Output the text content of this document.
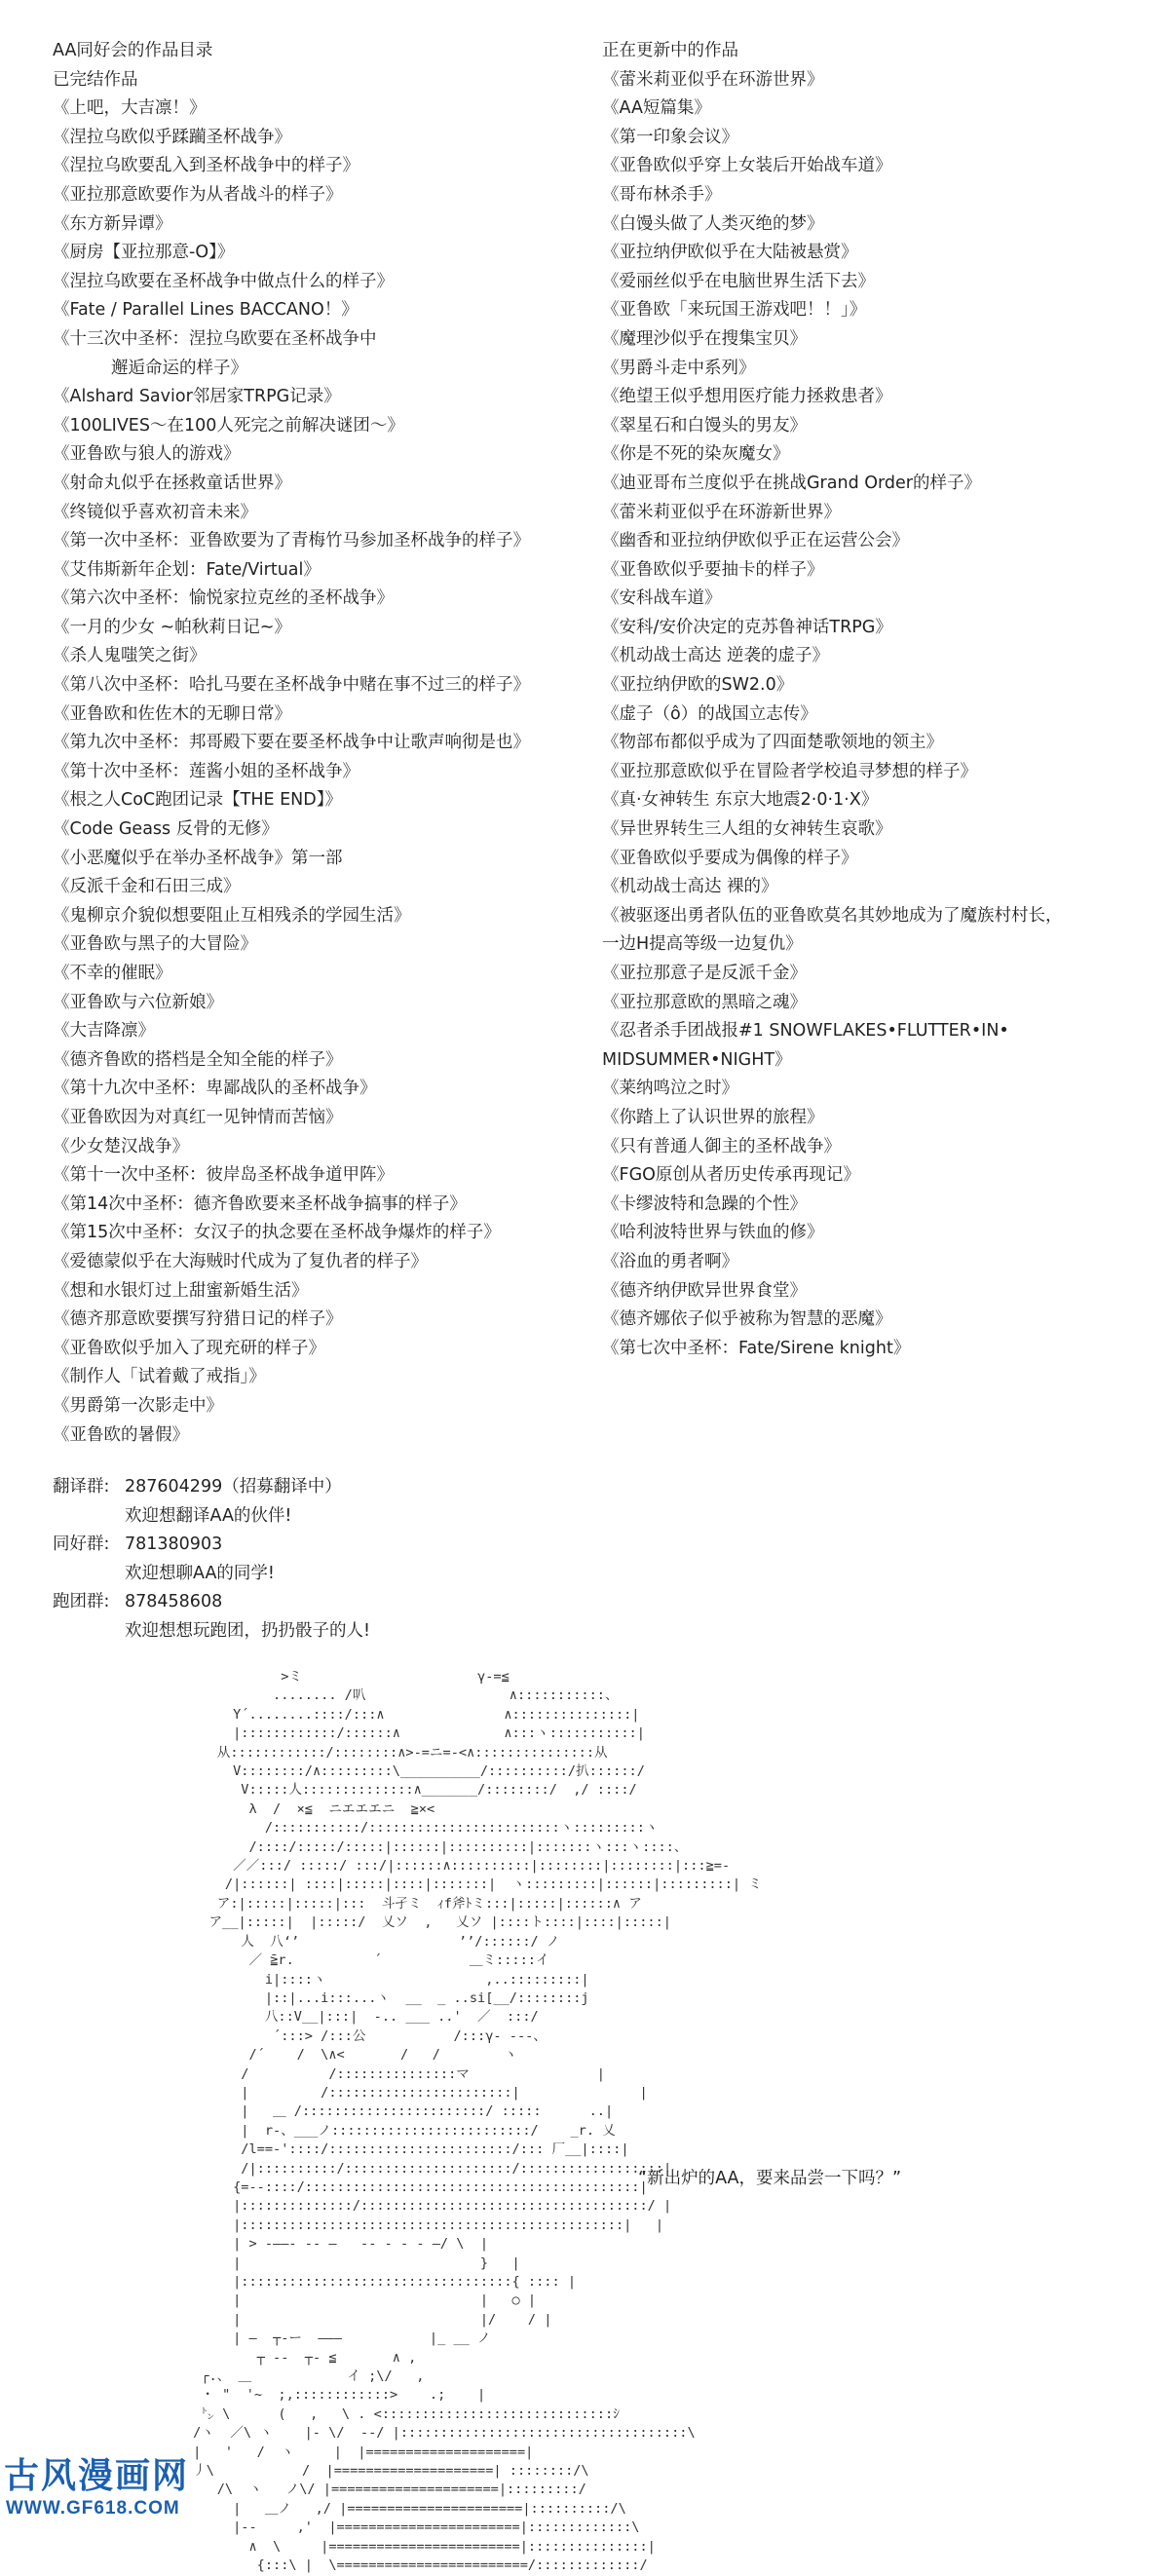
AA同好会的作品目录
已完结作品
《上吧，大吉凛！》
《涅拉乌欧似乎蹂躏圣杯战争》
《涅拉乌欧要乱入到圣杯战争中的样子》
《亚拉那意欧要作为从者战斗的样子》
《东方新异谭》
《厨房【亚拉那意-O】》
《涅拉乌欧要在圣杯战争中做点什么的样子》
《Fate / Parallel Lines BACCANO！》
《十三次中圣杯：涅拉乌欧要在圣杯战争中
邂逅命运的样子》
《Alshard Savior邻居家TRPG记录》
《100LIVES～在100人死完之前解决谜团～》
《亚鲁欧与狼人的游戏》
《射命丸似乎在拯救童话世界》
《终镜似乎喜欢初音未来》
《第一次中圣杯：亚鲁欧要为了青梅竹马参加圣杯战争的样子》
《艾伟斯新年企划：Fate/Virtual》
《第六次中圣杯：愉悦家拉克丝的圣杯战争》
《一月的少女 ~帕秋莉日记~》
《杀人鬼嗤笑之街》
《第八次中圣杯：哈扎马要在圣杯战争中赌在事不过三的样子》
《亚鲁欧和佐佐木的无聊日常》
《第九次中圣杯：邦哥殿下要在要圣杯战争中让歌声响彻是也》
《第十次中圣杯：莲酱小姐的圣杯战争》
《根之人CoC跑团记录【THE END】》
《Code Geass 反骨的无修》
《小恶魔似乎在举办圣杯战争》第一部
《反派千金和石田三成》
《鬼柳京介貌似想要阻止互相残杀的学园生活》
《亚鲁欧与黑子的大冒险》
《不幸的催眠》
《亚鲁欧与六位新娘》
《大吉降凛》
《德齐鲁欧的搭档是全知全能的样子》
《第十九次中圣杯：卑鄙战队的圣杯战争》
《亚鲁欧因为对真红一见钟情而苦恼》
《少女楚汉战争》
《第十一次中圣杯：彼岸岛圣杯战争道甲阵》
《第14次中圣杯：德齐鲁欧要来圣杯战争搞事的样子》
《第15次中圣杯：女汉子的执念要在圣杯战争爆炸的样子》
《爱德蒙似乎在大海贼时代成为了复仇者的样子》
《想和水银灯过上甜蜜新婚生活》
《德齐那意欧要撰写狩猎日记的样子》
《亚鲁欧似乎加入了现充研的样子》
《制作人「试着戴了戒指」》
《男爵第一次影走中》
《亚鲁欧的暑假》
正在更新中的作品
《蕾米莉亚似乎在环游世界》
《AA短篇集》
《第一印象会议》
《亚鲁欧似乎穿上女装后开始战车道》
《哥布林杀手》
《白馒头做了人类灭绝的梦》
《亚拉纳伊欧似乎在大陆被悬赏》
《爱丽丝似乎在电脑世界生活下去》
《亚鲁欧「来玩国王游戏吧！！」》
《魔理沙似乎在搜集宝贝》
《男爵斗走中系列》
《绝望王似乎想用医疗能力拯救患者》
《翠星石和白馒头的男友》
《你是不死的染灰魔女》
《迪亚哥布兰度似乎在挑战Grand Order的样子》
《蕾米莉亚似乎在环游新世界》
《幽香和亚拉纳伊欧似乎正在运营公会》
《亚鲁欧似乎要抽卡的样子》
《安科战车道》
《安科/安价决定的克苏鲁神话TRPG》
《机动战士高达 逆袭的虚子》
《亚拉纳伊欧的SW2.0》
《虚子（ô）的战国立志传》
《物部布都似乎成为了四面楚歌领地的领主》
《亚拉那意欧似乎在冒险者学校追寻梦想的样子》
《真·女神转生 东京大地震2·0·1·X》
《异世界转生三人组的女神转生哀歌》
《亚鲁欧似乎要成为偶像的样子》
《机动战士高达 裸的》
《被驱逐出勇者队伍的亚鲁欧莫名其妙地成为了魔族村村长，
一边H提高等级一边复仇》
《亚拉那意子是反派千金》
《亚拉那意欧的黑暗之魂》
《忍者杀手团战报#1 SNOWFLAKES•FLUTTER•IN•
MIDSUMMER•NIGHT》
《莱纳鸣泣之时》
《你踏上了认识世界的旅程》
《只有普通人御主的圣杯战争》
《FGO原创从者历史传承再现记》
《卡缪波特和急躁的个性》
《哈利波特世界与铁血的修》
《浴血的勇者啊》
《德齐纳伊欧异世界食堂》
《德齐娜依子似乎被称为智慧的恶魔》
《第七次中圣杯：Fate/Sirene knight》
翻译群: 287604299（招募翻译中）
欢迎想翻译AA的伙伴!
同好群: 781380903
欢迎想聊AA的同学!
跑团群: 878458608
欢迎想想玩跑团，扔扔骰子的人!
>ミ                      γ-=≦
........ /叭                  ∧:::::::::::、
Y´........::::/:::∧               ∧:::::::::::::::|
|::::::::::::/::::::∧             ∧:::ヽ:::::::::::|
从::::::::::::/::::::::∧>-=ニ=-<∧:::::::::::::::从
V::::::::/∧:::::::::\__________/::::::::::/扒::::::/
V:::::人::::::::::::::∧_______/::::::::/  ,/ ::::/
λ  /  ×≦  ニエエエニ  ≧×<
/:::::::::::/::::::::::::::::::::::::ヽ:::::::::ヽ
/::::/:::::/:::::|::::::|::::::::::|:::::::ヽ:::ヽ::::、
／／:::/ :::::/ :::/|::::::∧::::::::::|::::::::|::::::::|:::≧=-
/|::::::| ::::|:::::|::::|:::::::|  ヽ:::::::::|::::::|:::::::::| ミ
ア:|:::::|:::::|:::  斗孑ミ  ｨf斧ﾄミ:::|:::::|::::::∧ ア
ア__|:::::|  |:::::/  乂ソ  ,   乂ソ |::::ト::::|::::|:::::|
人  八‘’                    ’’/::::::/ ノ
／ ̄≧r.          ´           ＿ミ:::::イ
i|::::ヽ                    ,..:::::::::|
|::|...i:::...ヽ  __  _ ..si[__/::::::::j
八::V__|:::|  ‐.. ___ ..'  ／  :::/
´:::> /:::公           /:::γ‐ ‐‐‐、
/´    /  \∧<       /   /        ヽ
/          /:::::::::::::::マ                |
|         /:::::::::::::::::::::::|               |
|   ＿ /:::::::::::::::::::::::/ :::::      ..|
|  r‐、___ノ:::::::::::::::::::::::::/    _r. 乂
/l==-'::::/:::::::::::::::::::::::/::: 厂__|::::|
/|::::::::::/:::::::::::::::::::::/::::::::::::::::::|
{=--::::/::::::::::::::::::::::::::::::::::::::::::|
|::::::::::::::/::::::::::::::::::::::::::::::::::::/ |
|::::::::::::::::::::::::::::::::::::::::::::::::|   |
| > -――- -- ―   -- - - - ―/ \  |
|                              }   |
|::::::::::::::::::::::::::::::::::{ :::: |
|                              |   ○ |
|                              |/    / |
| ―  ┬‐ー  ―――           |_ __ ノ
┬ ‐‐  ┬‐ ≦       ∧ ,
┌.、 ＿            イ ;\/   ,
・ "  '~  ;,::::::::::::>    .;    |
㌧ \      (   ,   \ . <:::::::::::::::::::::::::::::ｼ
/ヽ  ／\ ヽ    |‐ \/  ‐‐/ |::::::::::::::::::::::::::::::::::::\
|   '   /  ヽ     |  |====================|
丿\           /  |====================| ::::::::/\
/\  ヽ   ノ\/ |=====================|:::::::::/
|   ＿ノ   ,/ |======================|::::::::::/\
|‐‐     ,'  |=======================|:::::::::::::\
∧  \     |========================|:::::::::::::::|
{:::\ |  \========================/:::::::::::::/

“新出炉的AA，要来品尝一下吗？”
古风漫画网
WWW.GF618.COM
